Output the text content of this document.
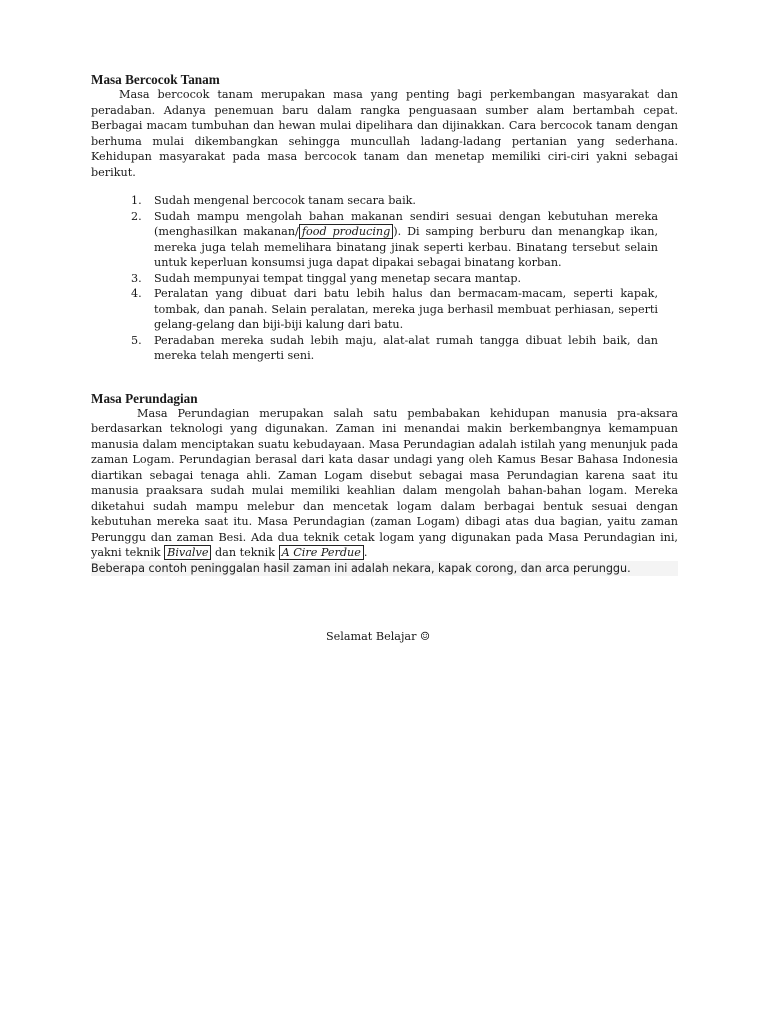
Masa Bercocok Tanam

Masa bercocok tanam merupakan masa yang penting bagi perkembangan masyarakat dan peradaban. Adanya penemuan baru dalam rangka penguasaan sumber alam bertambah cepat. Berbagai macam tumbuhan dan hewan mulai dipelihara dan dijinakkan. Cara bercocok tanam dengan berhuma mulai dikembangkan sehingga muncullah ladang-ladang pertanian yang sederhana. Kehidupan masyarakat pada masa bercocok tanam dan menetap memiliki ciri-ciri yakni sebagai berikut.

1. Sudah mengenal bercocok tanam secara baik.
2. Sudah mampu mengolah bahan makanan sendiri sesuai dengan kebutuhan mereka (menghasilkan makanan/ food producing ). Di samping berburu dan menangkap ikan, mereka juga telah memelihara binatang jinak seperti kerbau. Binatang tersebut selain untuk keperluan konsumsi juga dapat dipakai sebagai binatang korban.
3. Sudah mempunyai tempat tinggal yang menetap secara mantap.
4. Peralatan yang dibuat dari batu lebih halus dan bermacam-macam, seperti kapak, tombak, dan panah. Selain peralatan, mereka juga berhasil membuat perhiasan, seperti gelang-gelang dan biji-biji kalung dari batu.
5. Peradaban mereka sudah lebih maju, alat-alat rumah tangga dibuat lebih baik, dan mereka telah mengerti seni.
Masa Perundagian

Masa Perundagian merupakan salah satu pembabakan kehidupan manusia pra-aksara berdasarkan teknologi yang digunakan. Zaman ini menandai makin berkembangnya kemampuan manusia dalam menciptakan suatu kebudayaan. Masa Perundagian adalah istilah yang menunjuk pada zaman Logam. Perundagian berasal dari kata dasar undagi yang oleh Kamus Besar Bahasa Indonesia diartikan sebagai tenaga ahli. Zaman Logam disebut sebagai masa Perundagian karena saat itu manusia praaksara sudah mulai memiliki keahlian dalam mengolah bahan-bahan logam. Mereka diketahui sudah mampu melebur dan mencetak logam dalam berbagai bentuk sesuai dengan kebutuhan mereka saat itu. Masa Perundagian (zaman Logam) dibagi atas dua bagian, yaitu zaman Perunggu dan zaman Besi. Ada dua teknik cetak logam yang digunakan pada Masa Perundagian ini, yakni teknik Bivalve dan teknik A Cire Perdue .

Beberapa contoh peninggalan hasil zaman ini adalah nekara, kapak corong, dan arca perunggu.

Selamat Belajar ☺
